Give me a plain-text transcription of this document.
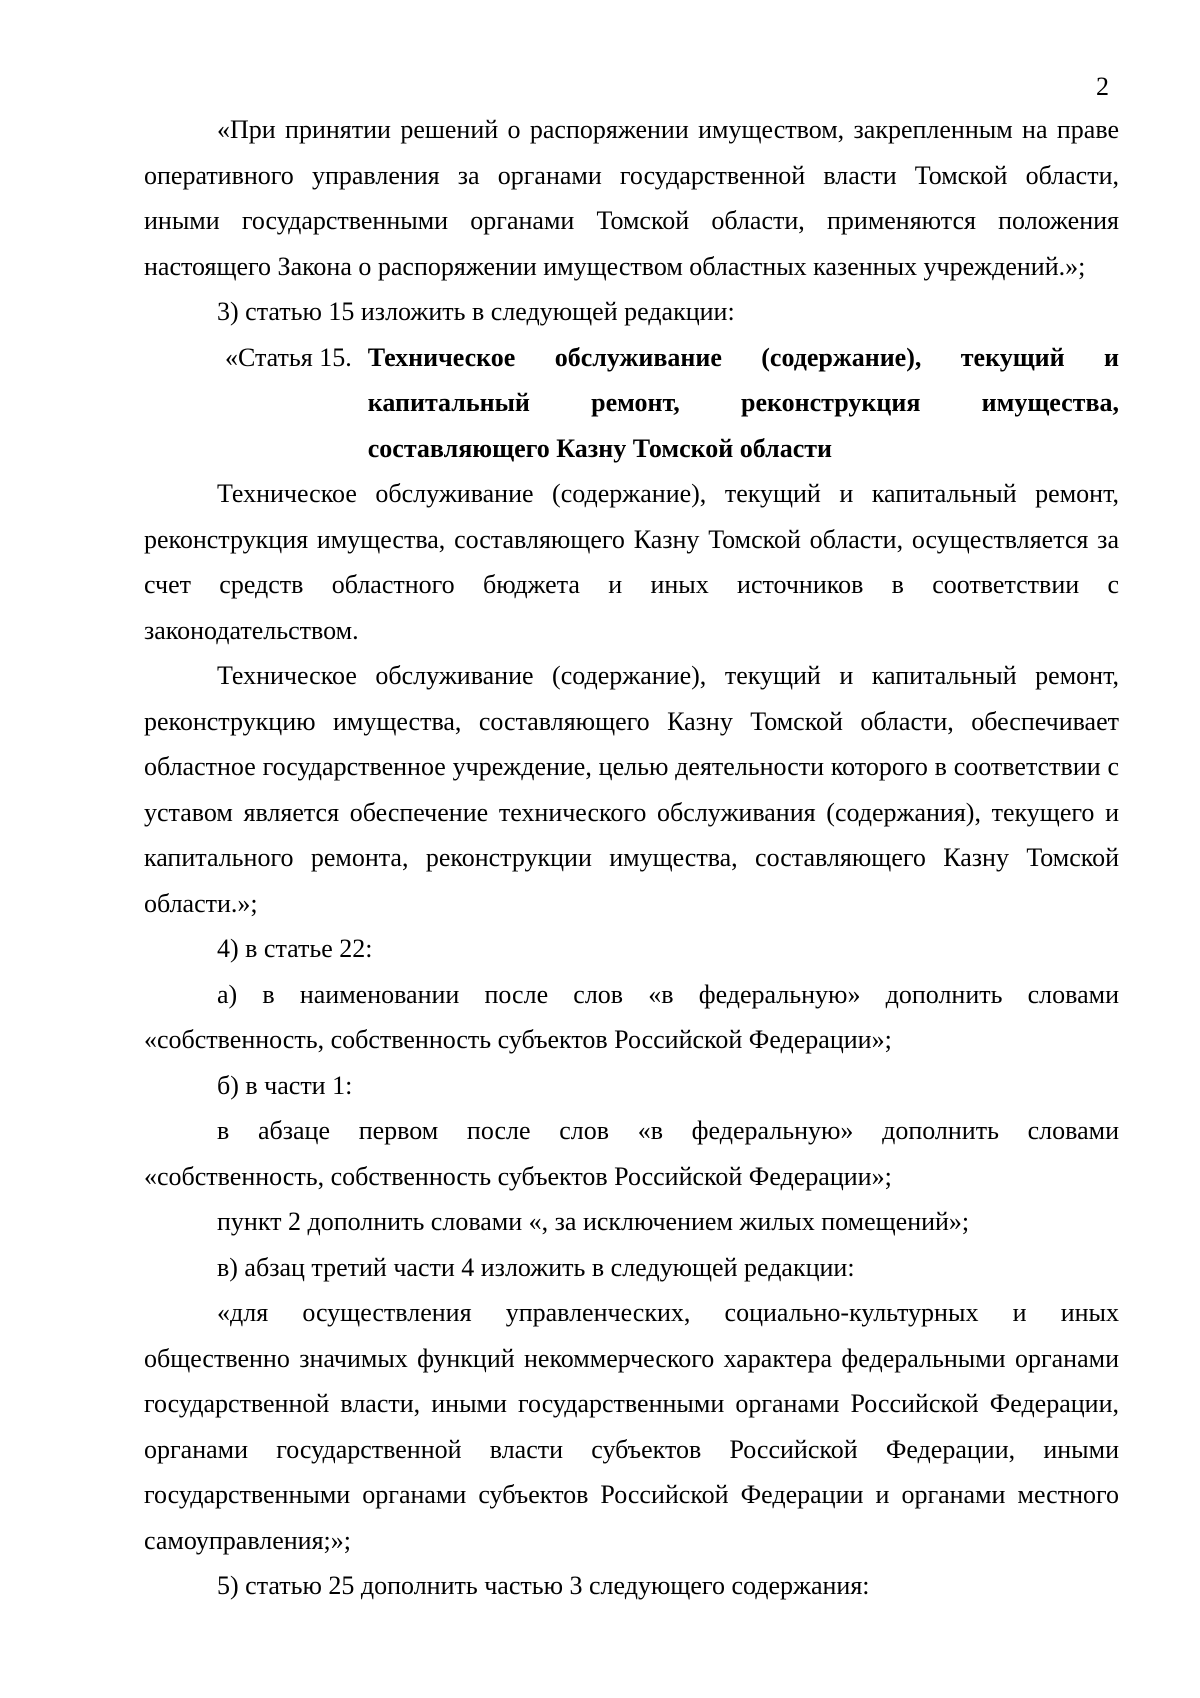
2

«При принятии решений о распоряжении имуществом, закрепленным на праве оперативного управления за органами государственной власти Томской области, иными государственными органами Томской области, применяются положения настоящего Закона о распоряжении имуществом областных казенных учреждений.»;

3) статью 15 изложить в следующей редакции:

«Статья 15. Техническое обслуживание (содержание), текущий и капитальный ремонт, реконструкция имущества, составляющего Казну Томской области

Техническое обслуживание (содержание), текущий и капитальный ремонт, реконструкция имущества, составляющего Казну Томской области, осуществляется за счет средств областного бюджета и иных источников в соответствии с законодательством.

Техническое обслуживание (содержание), текущий и капитальный ремонт, реконструкцию имущества, составляющего Казну Томской области, обеспечивает областное государственное учреждение, целью деятельности которого в соответствии с уставом является обеспечение технического обслуживания (содержания), текущего и капитального ремонта, реконструкции имущества, составляющего Казну Томской области.»;

4) в статье 22:

а) в наименовании после слов «в федеральную» дополнить словами «собственность, собственность субъектов Российской Федерации»;

б) в части 1:

в абзаце первом после слов «в федеральную» дополнить словами «собственность, собственность субъектов Российской Федерации»;

пункт 2 дополнить словами «, за исключением жилых помещений»;

в) абзац третий части 4 изложить в следующей редакции:

«для осуществления управленческих, социально-культурных и иных общественно значимых функций некоммерческого характера федеральными органами государственной власти, иными государственными органами Российской Федерации, органами государственной власти субъектов Российской Федерации, иными государственными органами субъектов Российской Федерации и органами местного самоуправления;»;

5) статью 25 дополнить частью 3 следующего содержания:
